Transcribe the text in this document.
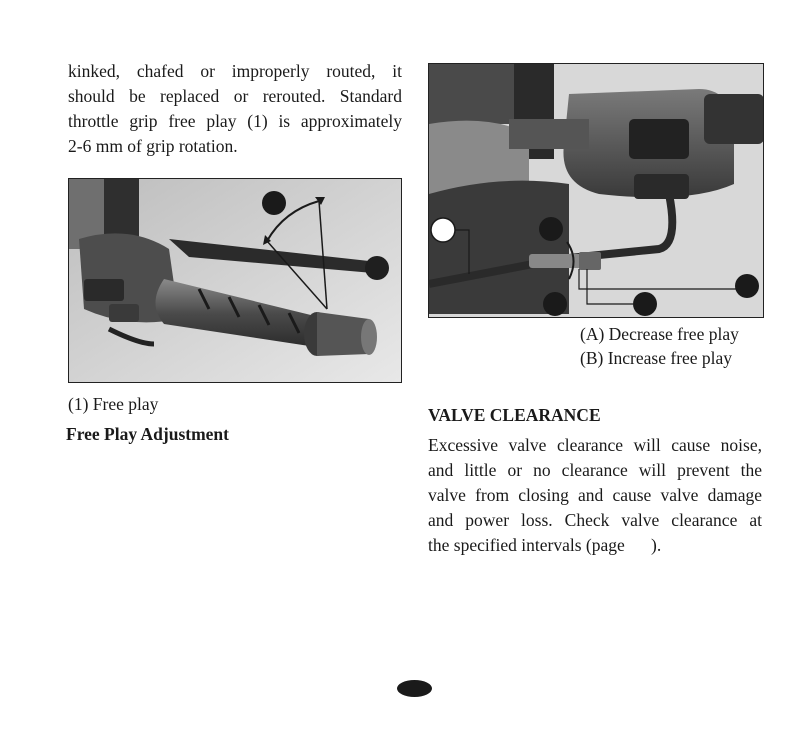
kinked, chafed or improperly routed, it
should be replaced or rerouted. Standard
throttle grip free play (1) is approximately
2-6 mm of grip rotation.
(1) Free play
Free Play Adjustment
(A) Decrease free play
(B) Increase free play
VALVE CLEARANCE
Excessive valve clearance will cause noise,
and little or no clearance will prevent the
valve from closing and cause valve damage
and power loss. Check valve clearance at
the specified intervals (page      ).
